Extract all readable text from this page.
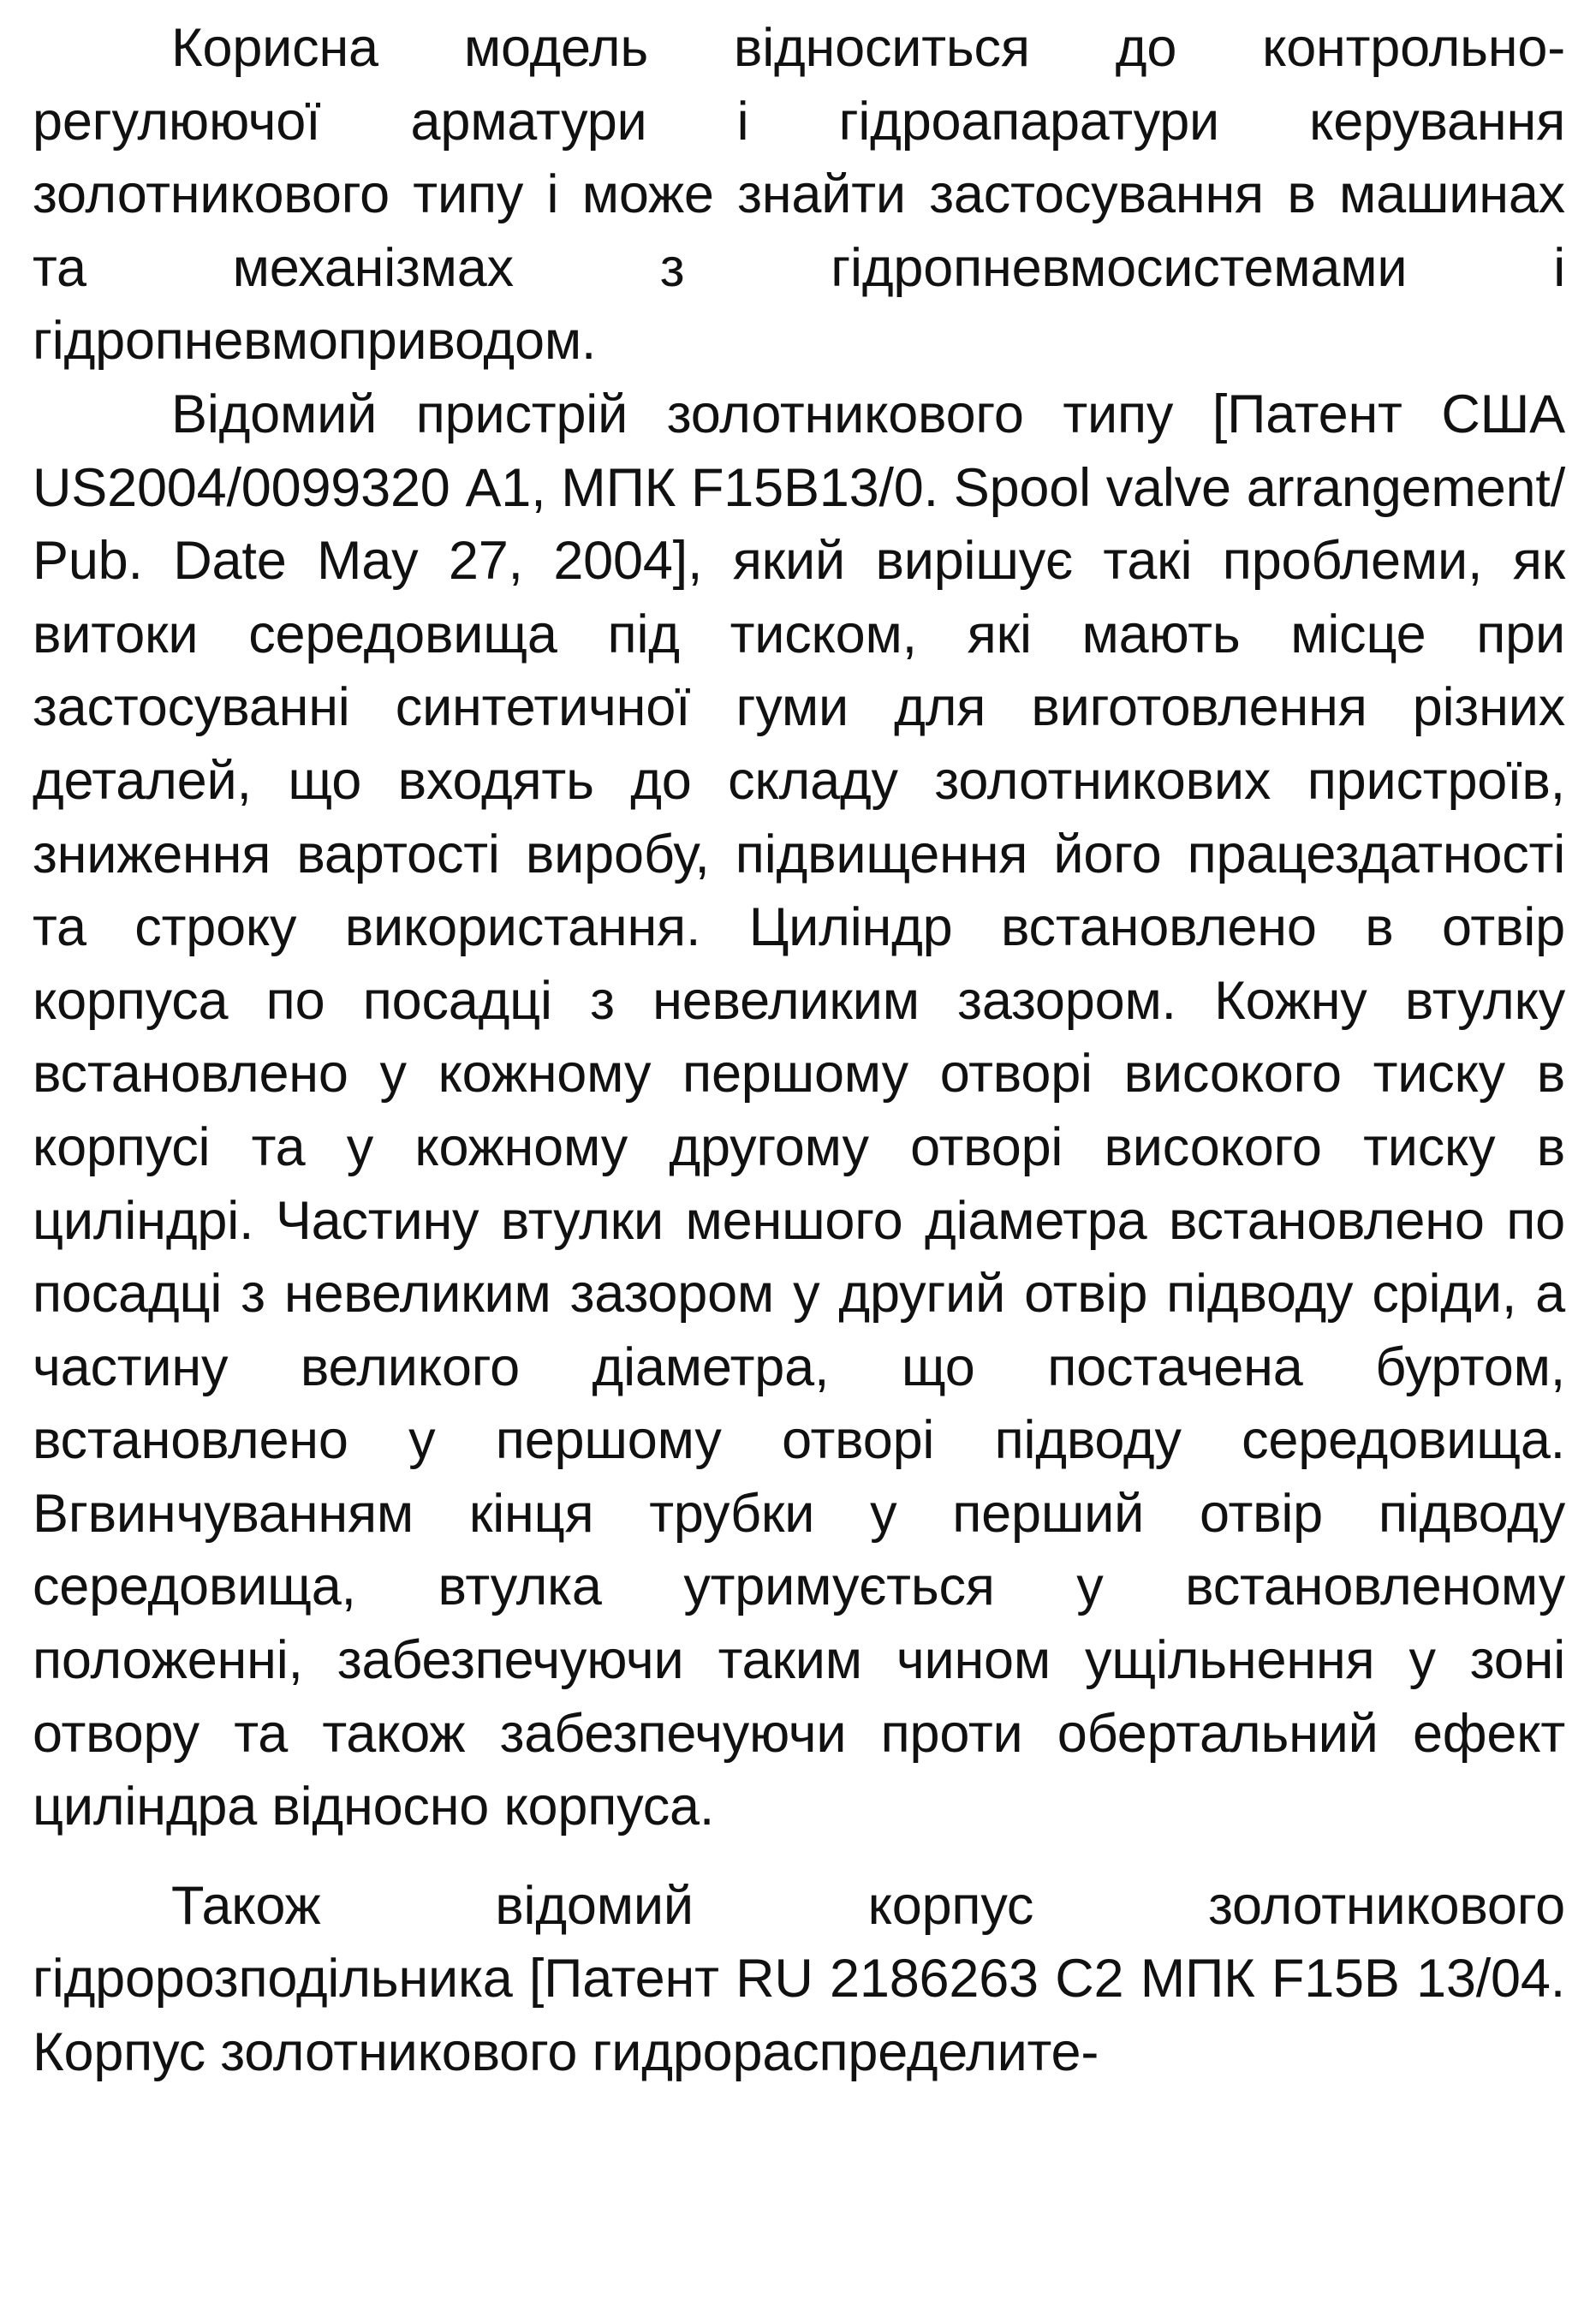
Корисна модель відноситься до контрольно-регулюючої арматури і гідроапаратури керування золотникового типу і може знайти застосування в машинах та механізмах з гідропневмосистемами і гідропневмоприводом.

Відомий пристрій золотникового типу [Патент США US2004/0099320 А1, МПК F15B13/0. Spool valve arrangement/ Pub. Date May 27, 2004], який вирішує такі проблеми, як витоки середовища під тиском, які мають місце при застосуванні синтетичної гуми для виготовлення різних деталей, що входять до складу золотникових пристроїв, зниження вартості виробу, підвищення його працездатності та строку використання. Циліндр встановлено в отвір корпуса по посадці з невеликим зазором. Кожну втулку встановлено у кожному першому отворі високого тиску в корпусі та у кожному другому отворі високого тиску в циліндрі. Частину втулки меншого діаметра встановлено по посадці з невеликим зазором у другий отвір підводу сріди, а частину великого діаметра, що постачена буртом, встановлено у першому отворі підводу середовища. Вгвинчуванням кінця трубки у перший отвір підводу середовища, втулка утримується у встановленому положенні, забезпечуючи таким чином ущільнення у зоні отвору та також забезпечуючи проти обертальний ефект циліндра відносно корпуса.

Також відомий корпус золотникового гідророзподільника [Патент RU 2186263 C2 МПК F15B 13/04. Корпус золотникового гидрораспределите-
